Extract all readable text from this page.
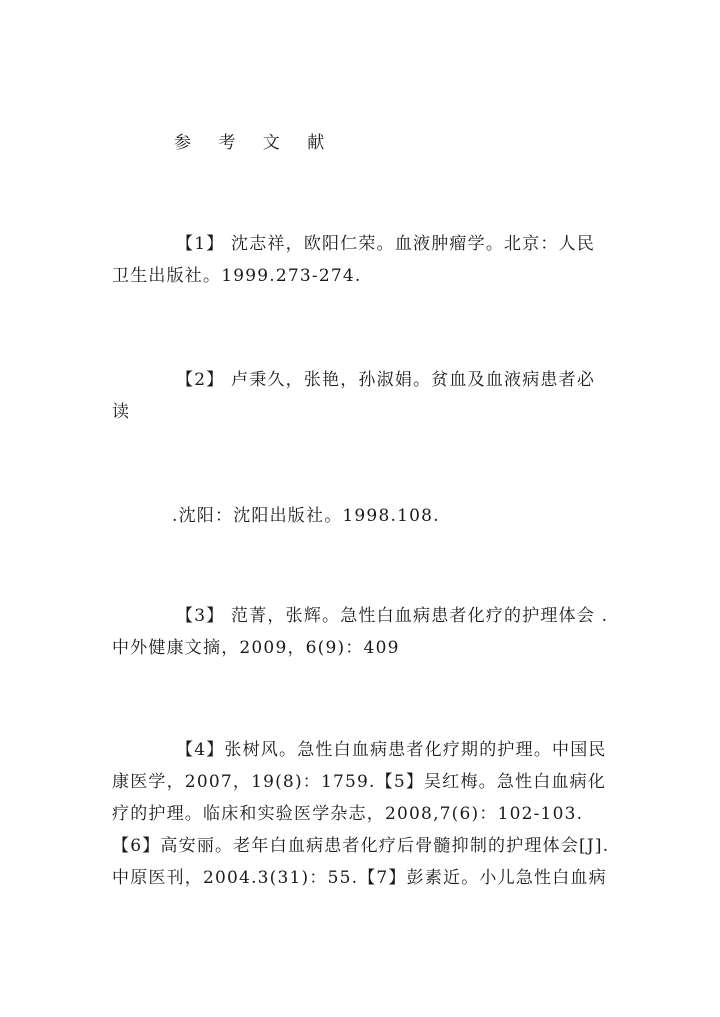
参 考 文 献
【1】 沈志祥，欧阳仁荣。血液肿瘤学。北京：人民卫生出版社。1999.273-274.
【2】 卢秉久，张艳，孙淑娟。贫血及血液病患者必读
.沈阳：沈阳出版社。1998.108.
【3】 范菁，张辉。急性白血病患者化疗的护理体会 .中外健康文摘，2009，6(9)：409
【4】张树风。急性白血病患者化疗期的护理。中国民康医学，2007，19(8)：1759.【5】吴红梅。急性白血病化疗的护理。临床和实验医学杂志，2008,7(6)：102-103.【6】高安丽。老年白血病患者化疗后骨髓抑制的护理体会[J].中原医刊，2004.3(31)：55.【7】彭素近。小儿急性白血病
